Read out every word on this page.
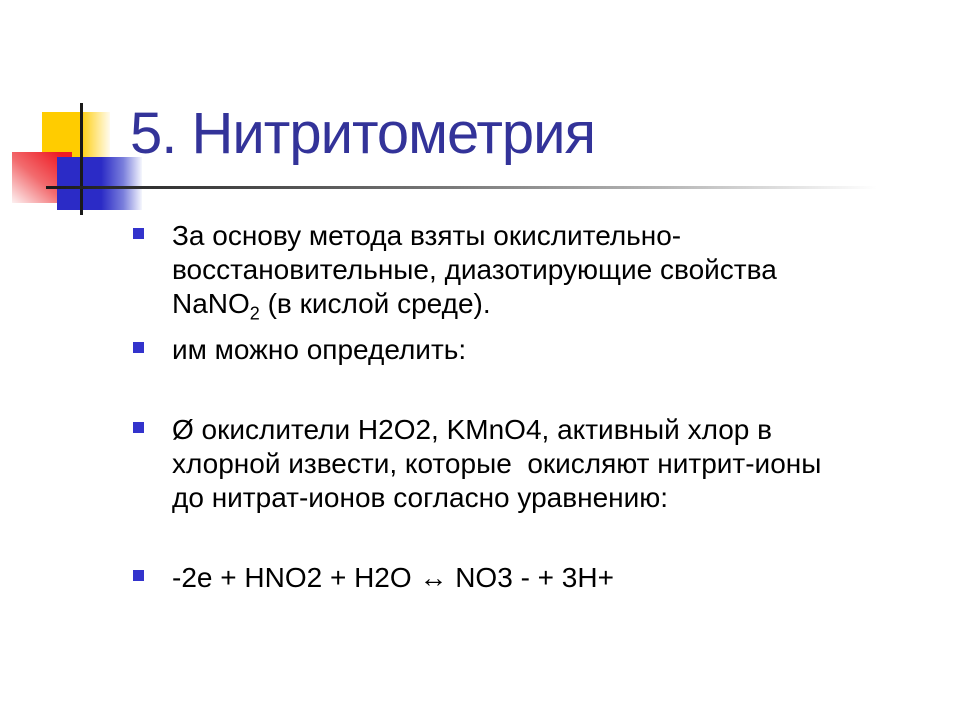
5. Нитритометрия
За основу метода взяты окислительно-
восстановительные, диазотирующие свойства
NaNO$_2$ (в кислой среде).
им можно определить:
Ø окислители H2O2, KMnO4, активный хлор в
хлорной извести, которые  окисляют нитрит-ионы
до нитрат-ионов согласно уравнению:
-2e + HNO2 + H2O ↔ NO3 - + 3H+
